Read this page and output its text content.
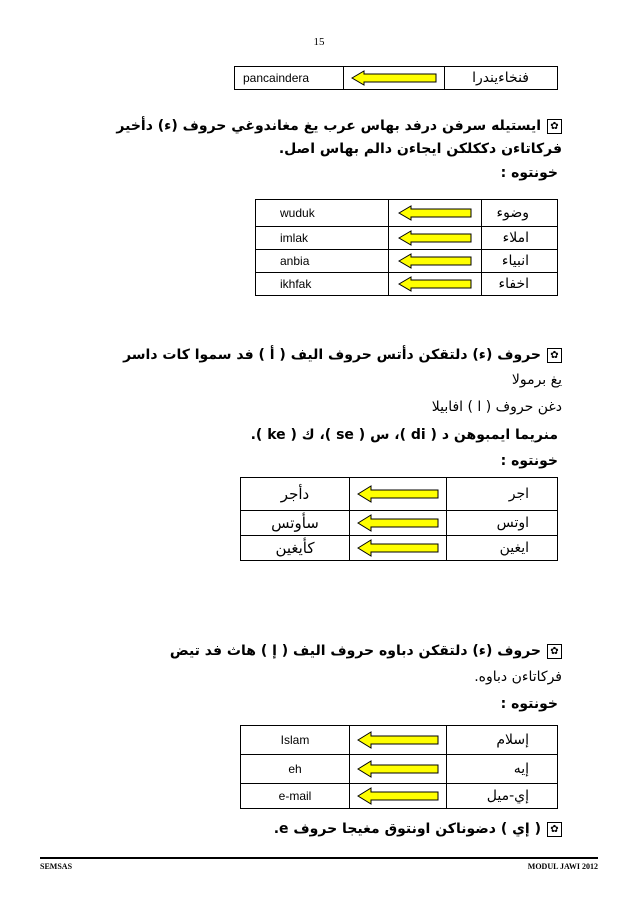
15
pancaindera		فنخاءيندرا
✿ايستيله سرفن درفد بهاس عرب يغ مغاندوغي حروف (ء) دأخير
فركاتاءن دككلكن ايجاءن دالم بهاس اصل.
خونتوه :
wuduk		وضوء
imlak		املاء
anbia		انبياء
ikhfak		اخفاء
✿حروف (ء) دلتقكن دأتس حروف اليف ( أ ) فد سموا كات داسر
يغ برمولا
دغن حروف ( ا ) افابيلا
منريما ايمبوهن د ( di )، س ( se )، ك ( ke ).
خونتوه :
دأجر		اجر
سأوتس		اوتس
كأيغين		ايغين
✿حروف (ء) دلتقكن دباوه حروف اليف ( إ ) هاث فد تيض
فركاتاءن دباوه.
خونتوه :
Islam		إسلام
eh		إيه
e-mail		إي-ميل
✿( إي ) دضوناكن اونتوق مغيجا حروف e.
SEMSAS	MODUL JAWI 2012
